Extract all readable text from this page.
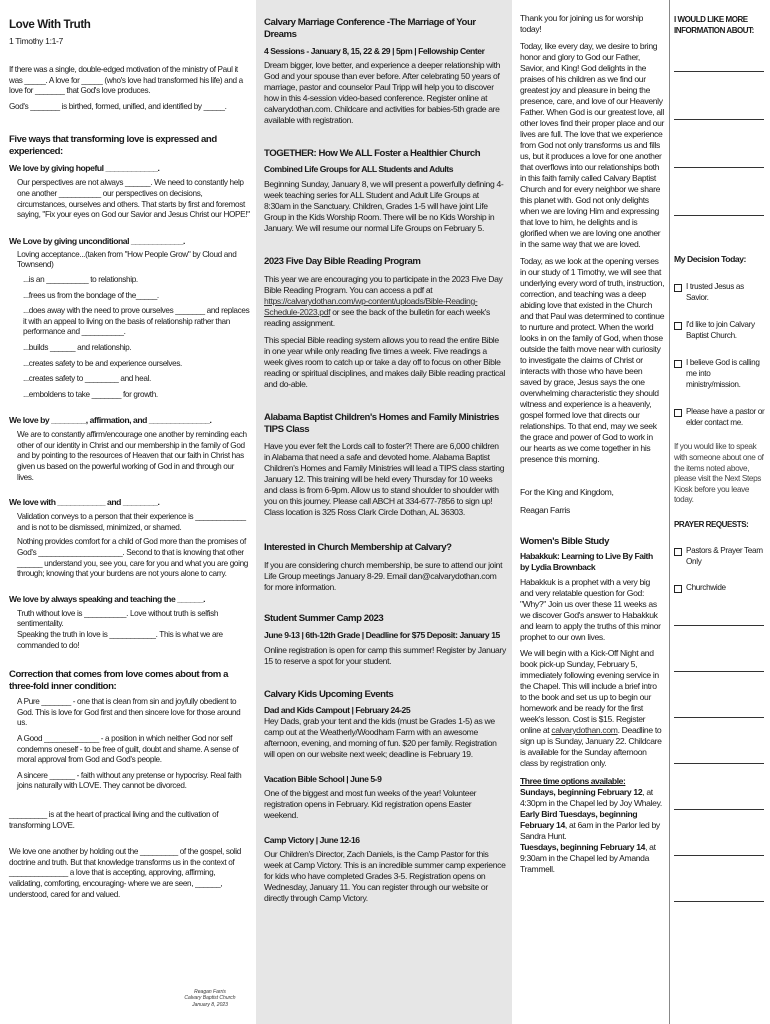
Love With Truth

1 Timothy 1:1-7

If there was a single, double-edged motivation of the ministry of Paul it was _____. A love for _____ (who's love had transformed his life) and a love for _______ that God's love produces.

God's _______ is birthed, formed, unified, and identified by _____.

Five ways that transforming love is expressed and experienced:

We love by giving hopeful ____________.

Our perspectives are not always ______. We need to constantly help one another __________ our perspectives on decisions, circumstances, ourselves and others. That starts by first and foremost saying, "Fix your eyes on God our Savior and Jesus Christ our HOPE!"

We Love by giving unconditional ____________.

Loving acceptance...(taken from "How People Grow" by Cloud and Townsend)

...is an __________ to relationship.

...frees us from the bondage of the_____.

...does away with the need to prove ourselves _______ and replaces it with an appeal to living on the basis of relationship rather than performance and __________.

...builds ______ and relationship.

...creates safety to be and experience ourselves.

...creates safety to ________ and heal.

...emboldens to take _______ for growth.

We love by ________, affirmation, and ______________.

We are to constantly affirm/encourage one another by reminding each other of our identity in Christ and our membership in the family of God and by pointing to the resources of Heaven that our faith in Christ has given us based on the powerful working of God in and through our lives.

We love with ___________ and ________.

Validation conveys to a person that their experience is ____________ and is not to be dismissed, minimized, or shamed.

Nothing provides comfort for a child of God more than the promises of God's ____________________. Second to that is knowing that other ______ understand you, see you, care for you and what you are going through; knowing that your burdens are not yours alone to carry.

We love by always speaking and teaching the ______.

Truth without love is __________. Love without truth is selfish sentimentality.

Speaking the truth in love is ___________. This is what we are commanded to do!

Correction that comes from love comes about from a three-fold inner condition:

A Pure _______ - one that is clean from sin and joyfully obedient to God. This is love for God first and then sincere love for those around us.

A Good _____________ - a position in which neither God nor self condemns oneself - to be free of guilt, doubt and shame. A sense of moral approval from God and God's people.

A sincere ______ - faith without any pretense or hypocrisy. Real faith joins naturally with LOVE. They cannot be divorced.

_________ is at the heart of practical living and the cultivation of transforming LOVE.

We love one another by holding out the _________ of the gospel, solid doctrine and truth. But that knowledge transforms us in the context of ______________ a love that is accepting, approving, affirming, validating, comforting, encouraging- where we are seen, ______, understood, cared for and valued.

Reagan Farris
Calvary Baptist Church
January 8, 2023

Calvary Marriage Conference -The Marriage of Your Dreams

4 Sessions - January 8, 15, 22 & 29 | 5pm | Fellowship Center

Dream bigger, love better, and experience a deeper relationship with God and your spouse than ever before. After celebrating 50 years of marriage, pastor and counselor Paul Tripp will help you to discover how in this 4-session video-based conference. Register online at calvarydothan.com. Childcare and activities for babies-5th grade are available with registration.

TOGETHER: How We ALL Foster a Healthier Church

Combined Life Groups for ALL Students and Adults

Beginning Sunday, January 8, we will present a powerfully defining 4-week teaching series for ALL Student and Adult Life Groups at 8:30am in the Sanctuary. Children, Grades 1-5 will have joint Life Group in the Kids Worship Room. There will be no Kids Worship in January. We will resume our normal Life Groups on February 5.

2023 Five Day Bible Reading Program

This year we are encouraging you to participate in the 2023 Five Day Bible Reading Program. You can access a pdf at https://calvarydothan.com/wp-content/uploads/Bible-Reading-Schedule-2023.pdf or see the back of the bulletin for each week's reading assignment.

This special Bible reading system allows you to read the entire Bible in one year while only reading five times a week. Five readings a week gives room to catch up or take a day off to focus on other Bible reading or spiritual disciplines, and makes daily Bible reading practical and do-able.

Alabama Baptist Children's Homes and Family Ministries TIPS Class

Have you ever felt the Lords call to foster?! There are 6,000 children in Alabama that need a safe and devoted home. Alabama Baptist Children's Homes and Family Ministries will lead a TIPS class starting January 12. This training will be held every Thursday for 10 weeks and class is from 6-9pm. Allow us to stand shoulder to shoulder with you on this journey. Please call ABCH at 334-677-7856 to sign up! Class location is 325 Ross Clark Circle Dothan, AL 36303.

Interested in Church Membership at Calvary?

If you are considering church membership, be sure to attend our joint Life Group meetings January 8-29. Email dan@calvarydothan.com for more information.

Student Summer Camp 2023

June 9-13 | 6th-12th Grade | Deadline for $75 Deposit: January 15

Online registration is open for camp this summer! Register by January 15 to reserve a spot for your student.

Calvary Kids Upcoming Events

Dad and Kids Campout | February 24-25

Hey Dads, grab your tent and the kids (must be Grades 1-5) as we camp out at the Weatherly/Woodham Farm with an awesome afternoon, evening, and morning of fun. $20 per family. Registration will open on our website next week; deadline is February 19.

Vacation Bible School | June 5-9

One of the biggest and most fun weeks of the year! Volunteer registration opens in February. Kid registration opens Easter weekend.

Camp Victory | June 12-16

Our Children's Director, Zach Daniels, is the Camp Pastor for this week at Camp Victory. This is an incredible summer camp experience for kids who have completed Grades 3-5. Registration opens on Wednesday, January 11. You can register through our website or directly through Camp Victory.

Thank you for joining us for worship today!

Today, like every day, we desire to bring honor and glory to God our Father, Savior, and King! God delights in the praises of his children as we find our greatest joy and pleasure in being the presence, care, and love of our Heavenly Father. When God is our greatest love, all other loves find their proper place and our lives are full. The love that we experience from God not only transforms us and fills us, but it produces a love for one another that overflows into our relationships both in this faith family called Calvary Baptist Church and for every neighbor we share this planet with. God not only delights when we are loving Him and expressing that love to him, he delights and is glorified when we are loving one another in the same way that we are loved.

Today, as we look at the opening verses in our study of 1 Timothy, we will see that underlying every word of truth, instruction, correction, and teaching was a deep abiding love that existed in the Church and that Paul was determined to continue to nurture and protect. When the world looks in on the family of God, when those outside the faith move near with curiosity to investigate the claims of Christ or interacts with those who have been saved by grace, Jesus says the one overwhelming characteristic they should witness and experience is a heavenly, gospel formed love that directs our relationships. To that end, may we seek the grace and power of God to work in our hearts as we come together in his presence this morning.

For the King and Kingdom,

Reagan Farris

Women's Bible Study

Habakkuk: Learning to Live By Faith

by Lydia Brownback

Habakkuk is a prophet with a very big and very relatable question for God: "Why?" Join us over these 11 weeks as we discover God's answer to Habakkuk and learn to apply the truths of this minor prophet to our own lives.

We will begin with a Kick-Off Night and book pick-up Sunday, February 5, immediately following evening service in the Chapel. This will include a brief intro to the book and set us up to begin our homework and be ready for the first week's lesson. Cost is $15. Register online at calvarydothan.com. Deadline to sign up is Sunday, January 22. Childcare is available for the Sunday afternoon class by registration only.

Three time options available:

Sundays, beginning February 12, at 4:30pm in the Chapel led by Joy Whaley.

Early Bird Tuesdays, beginning February 14, at 6am in the Parlor led by Sandra Hunt.

Tuesdays, beginning February 14, at 9:30am in the Chapel led by Amanda Trammell.

I WOULD LIKE MORE INFORMATION ABOUT:

My Decision Today:

I trusted Jesus as Savior.
I'd like to join Calvary Baptist Church.
I believe God is calling me into ministry/mission.
Please have a pastor or elder contact me.

If you would like to speak with someone about one of the items noted above, please visit the Next Steps Kiosk before you leave today.

PRAYER REQUESTS:

Pastors & Prayer Team Only
Churchwide
